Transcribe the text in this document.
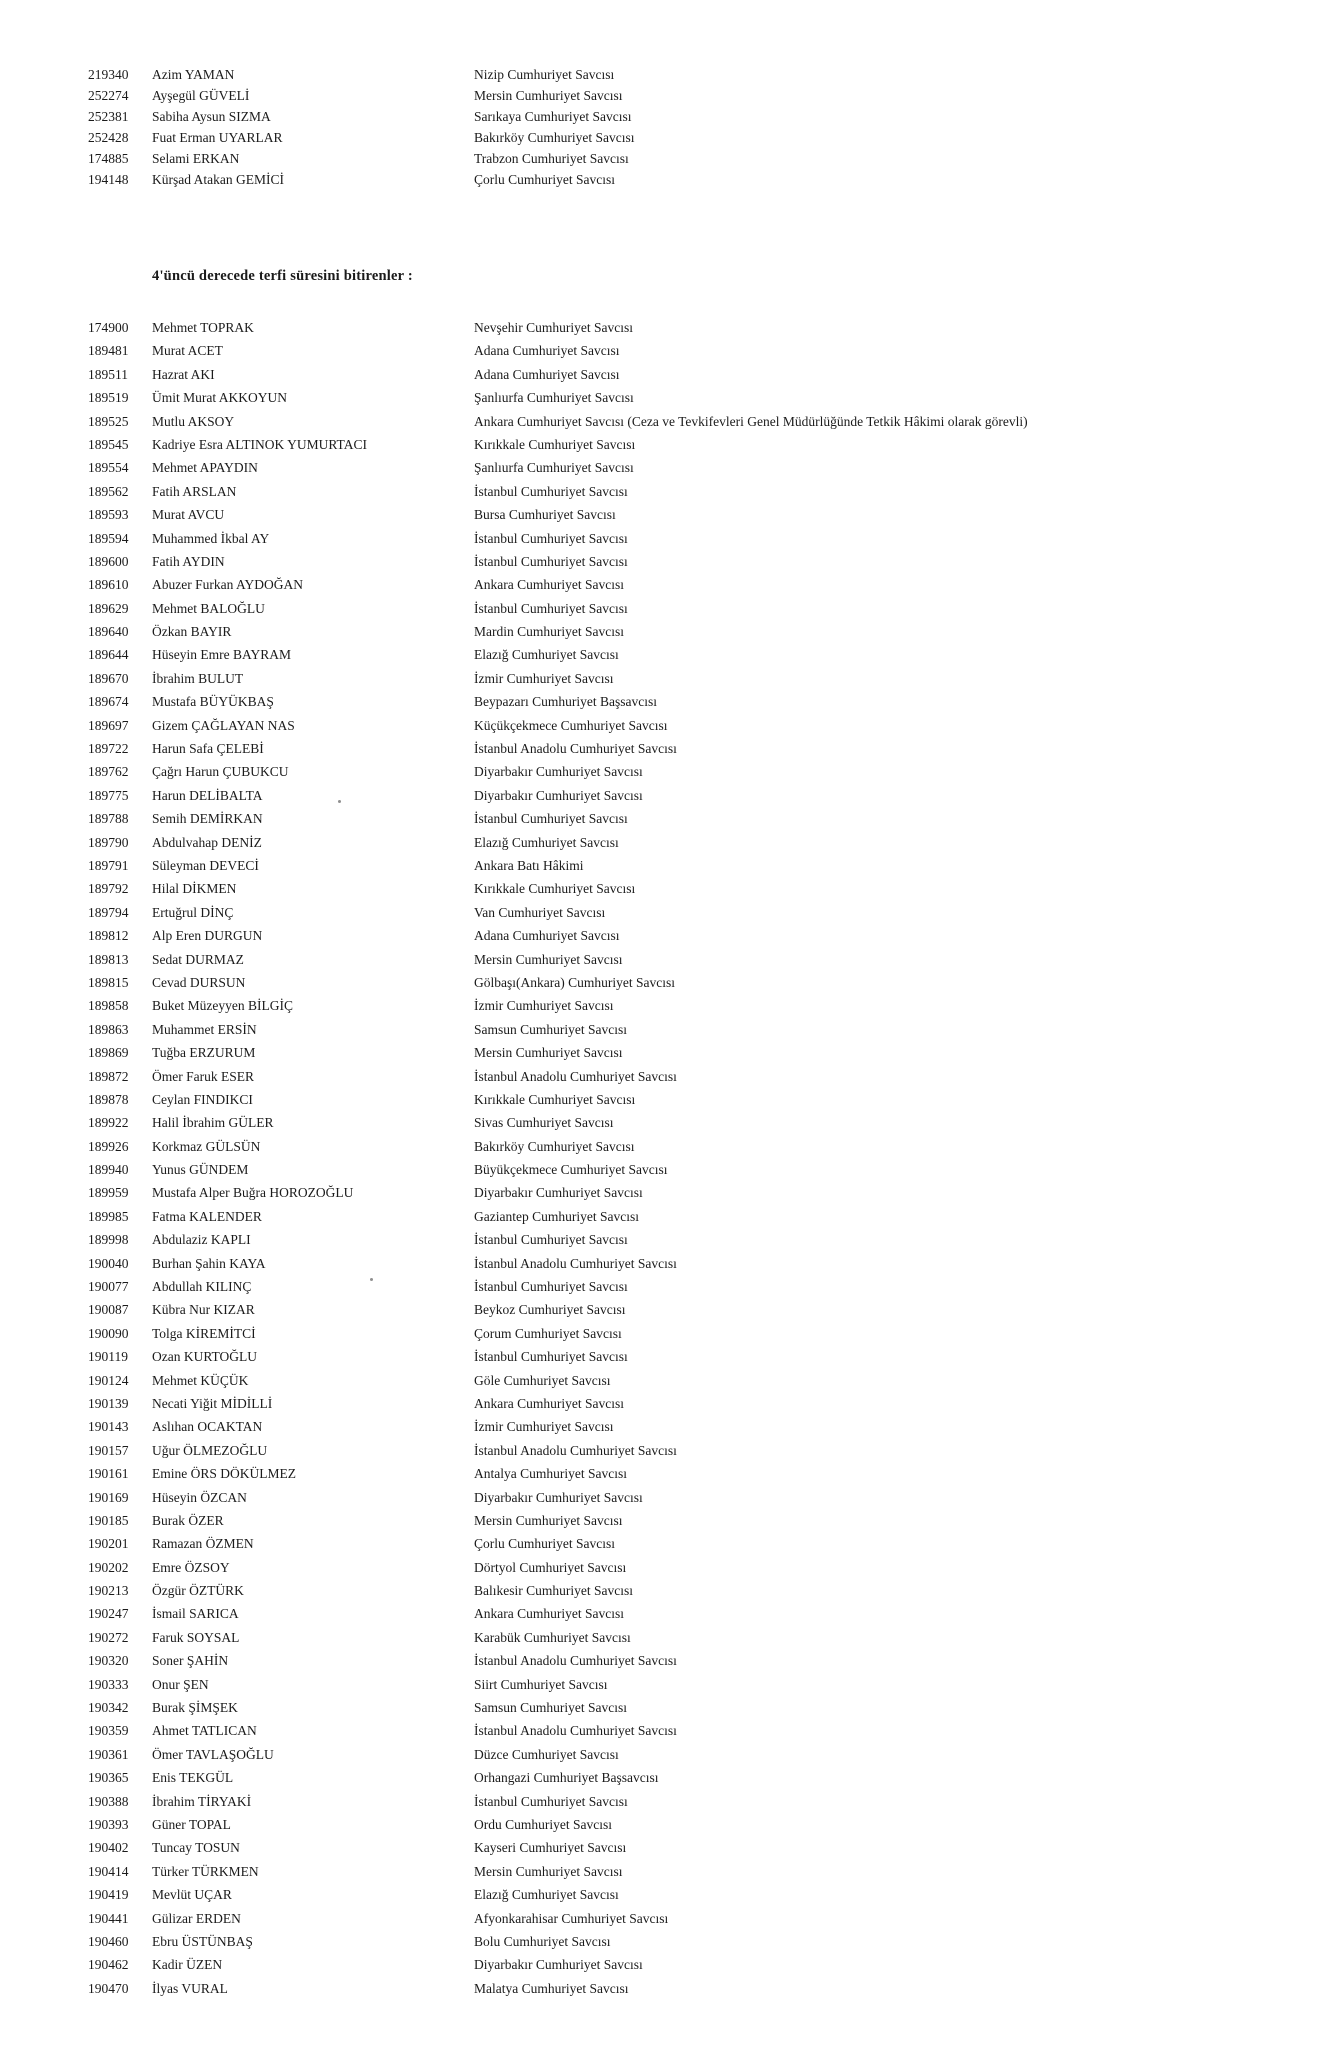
219340 Azim YAMAN	Nizip Cumhuriyet Savcısı
252274 Ayşegül GÜVELİ	Mersin Cumhuriyet Savcısı
252381 Sabiha Aysun SIZMA	Sarıkaya Cumhuriyet Savcısı
252428 Fuat Erman UYARLAR	Bakırköy Cumhuriyet Savcısı
174885 Selami ERKAN	Trabzon Cumhuriyet Savcısı
194148 Kürşad Atakan GEMİCİ	Çorlu Cumhuriyet Savcısı
4'üncü derecede terfi süresini bitirenler :
174900 Mehmet TOPRAK	Nevşehir Cumhuriyet Savcısı
189481 Murat ACET	Adana Cumhuriyet Savcısı
189511 Hazrat AKI	Adana Cumhuriyet Savcısı
189519 Ümit Murat AKKOYUN	Şanlıurfa Cumhuriyet Savcısı
189525 Mutlu AKSOY	Ankara Cumhuriyet Savcısı (Ceza ve Tevkifevleri Genel Müdürlüğünde Tetkik Hâkimi olarak görevli)
189545 Kadriye Esra ALTINOK YUMURTACI	Kırıkkale Cumhuriyet Savcısı
189554 Mehmet APAYDIN	Şanlıurfa Cumhuriyet Savcısı
189562 Fatih ARSLAN	İstanbul Cumhuriyet Savcısı
189593 Murat AVCU	Bursa Cumhuriyet Savcısı
189594 Muhammed İkbal AY	İstanbul Cumhuriyet Savcısı
189600 Fatih AYDIN	İstanbul Cumhuriyet Savcısı
189610 Abuzer Furkan AYDOĞAN	Ankara Cumhuriyet Savcısı
189629 Mehmet BALOĞLU	İstanbul Cumhuriyet Savcısı
189640 Özkan BAYIR	Mardin Cumhuriyet Savcısı
189644 Hüseyin Emre BAYRAM	Elazığ Cumhuriyet Savcısı
189670 İbrahim BULUT	İzmir Cumhuriyet Savcısı
189674 Mustafa BÜYÜKBAŞ	Beypazarı Cumhuriyet Başsavcısı
189697 Gizem ÇAĞLAYAN NAS	Küçükçekmece Cumhuriyet Savcısı
189722 Harun Safa ÇELEBİ	İstanbul Anadolu Cumhuriyet Savcısı
189762 Çağrı Harun ÇUBUKCU	Diyarbakır Cumhuriyet Savcısı
189775 Harun DELİBALTA	Diyarbakır Cumhuriyet Savcısı
189788 Semih DEMİRKAN	İstanbul Cumhuriyet Savcısı
189790 Abdulvahap DENİZ	Elazığ Cumhuriyet Savcısı
189791 Süleyman DEVECİ	Ankara Batı Hâkimi
189792 Hilal DİKMEN	Kırıkkale Cumhuriyet Savcısı
189794 Ertuğrul DİNÇ	Van Cumhuriyet Savcısı
189812 Alp Eren DURGUN	Adana Cumhuriyet Savcısı
189813 Sedat DURMAZ	Mersin Cumhuriyet Savcısı
189815 Cevad DURSUN	Gölbaşı(Ankara) Cumhuriyet Savcısı
189858 Buket Müzeyyen BİLGİÇ	İzmir Cumhuriyet Savcısı
189863 Muhammet ERSİN	Samsun Cumhuriyet Savcısı
189869 Tuğba ERZURUM	Mersin Cumhuriyet Savcısı
189872 Ömer Faruk ESER	İstanbul Anadolu Cumhuriyet Savcısı
189878 Ceylan FINDIKCI	Kırıkkale Cumhuriyet Savcısı
189922 Halil İbrahim GÜLER	Sivas Cumhuriyet Savcısı
189926 Korkmaz GÜLSÜN	Bakırköy Cumhuriyet Savcısı
189940 Yunus GÜNDEM	Büyükçekmece Cumhuriyet Savcısı
189959 Mustafa Alper Buğra HOROZOĞLU	Diyarbakır Cumhuriyet Savcısı
189985 Fatma KALENDER	Gaziantep Cumhuriyet Savcısı
189998 Abdulaziz KAPLI	İstanbul Cumhuriyet Savcısı
190040 Burhan Şahin KAYA	İstanbul Anadolu Cumhuriyet Savcısı
190077 Abdullah KILINÇ	İstanbul Cumhuriyet Savcısı
190087 Kübra Nur KIZAR	Beykoz Cumhuriyet Savcısı
190090 Tolga KİREMİTCİ	Çorum Cumhuriyet Savcısı
190119 Ozan KURTOĞLU	İstanbul Cumhuriyet Savcısı
190124 Mehmet KÜÇÜK	Göle Cumhuriyet Savcısı
190139 Necati Yiğit MİDİLLİ	Ankara Cumhuriyet Savcısı
190143 Aslıhan OCAKTAN	İzmir Cumhuriyet Savcısı
190157 Uğur ÖLMEZOĞLU	İstanbul Anadolu Cumhuriyet Savcısı
190161 Emine ÖRS DÖKÜLMEZ	Antalya Cumhuriyet Savcısı
190169 Hüseyin ÖZCAN	Diyarbakır Cumhuriyet Savcısı
190185 Burak ÖZER	Mersin Cumhuriyet Savcısı
190201 Ramazan ÖZMEN	Çorlu Cumhuriyet Savcısı
190202 Emre ÖZSOY	Dörtyol Cumhuriyet Savcısı
190213 Özgür ÖZTÜRK	Balıkesir Cumhuriyet Savcısı
190247 İsmail SARICA	Ankara Cumhuriyet Savcısı
190272 Faruk SOYSAL	Karabük Cumhuriyet Savcısı
190320 Soner ŞAHİN	İstanbul Anadolu Cumhuriyet Savcısı
190333 Onur ŞEN	Siirt Cumhuriyet Savcısı
190342 Burak ŞİMŞEK	Samsun Cumhuriyet Savcısı
190359 Ahmet TATLICAN	İstanbul Anadolu Cumhuriyet Savcısı
190361 Ömer TAVLAŞOĞLU	Düzce Cumhuriyet Savcısı
190365 Enis TEKGÜL	Orhangazi Cumhuriyet Başsavcısı
190388 İbrahim TİRYAKİ	İstanbul Cumhuriyet Savcısı
190393 Güner TOPAL	Ordu Cumhuriyet Savcısı
190402 Tuncay TOSUN	Kayseri Cumhuriyet Savcısı
190414 Türker TÜRKMEN	Mersin Cumhuriyet Savcısı
190419 Mevlüt UÇAR	Elazığ Cumhuriyet Savcısı
190441 Gülizar ERDEN	Afyonkarahisar Cumhuriyet Savcısı
190460 Ebru ÜSTÜNBAŞ	Bolu Cumhuriyet Savcısı
190462 Kadir ÜZEN	Diyarbakır Cumhuriyet Savcısı
190470 İlyas VURAL	Malatya Cumhuriyet Savcısı
